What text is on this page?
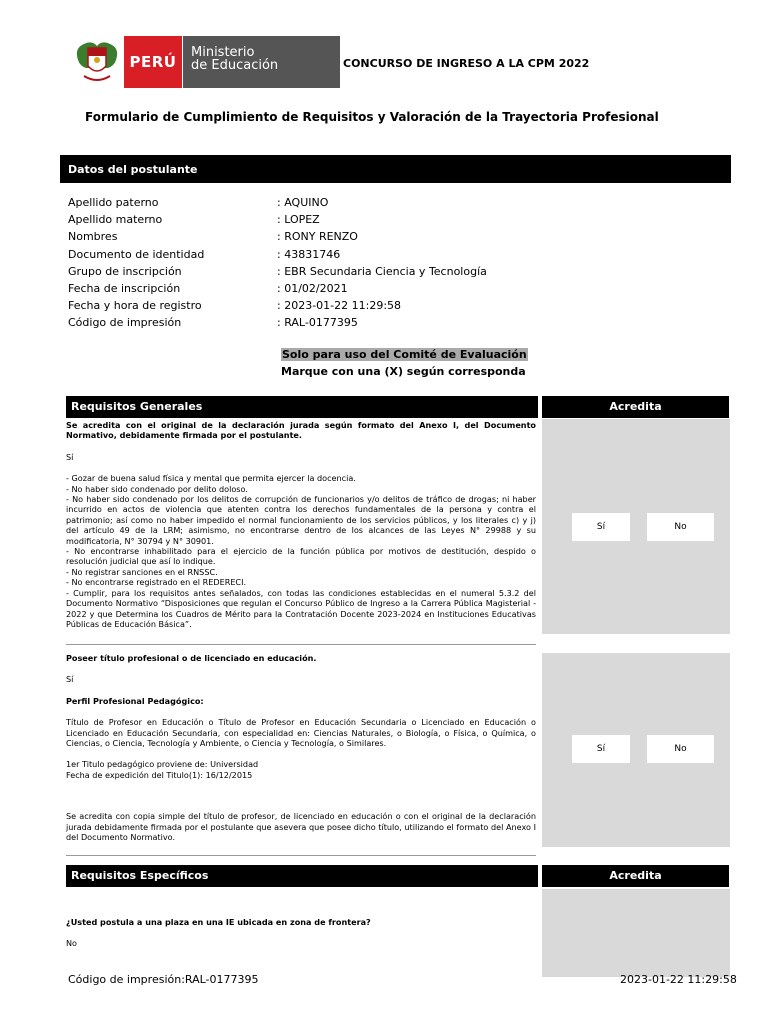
PERÚ
Ministerio
de Educación	CONCURSO DE INGRESO A LA CPM 2022
Formulario de Cumplimiento de Requisitos y Valoración de la Trayectoria Profesional
Datos del postulante
Apellido paterno	: AQUINO
Apellido materno	: LOPEZ
Nombres	: RONY RENZO
Documento de identidad	: 43831746
Grupo de inscripción	: EBR Secundaria Ciencia y Tecnología
Fecha de inscripción	: 01/02/2021
Fecha y hora de registro	: 2023-01-22 11:29:58
Código de impresión	: RAL-0177395
Solo para uso del Comité de Evaluación
Marque con una (X) según corresponda
Requisitos Generales	Acredita
Sí	No
Se acredita con el original de la declaración jurada según formato del Anexo I, del Documento Normativo, debidamente firmada por el postulante.
Sí
- Gozar de buena salud física y mental que permita ejercer la docencia.
- No haber sido condenado por delito doloso.
- No haber sido condenado por los delitos de corrupción de funcionarios y/o delitos de tráfico de drogas; ni haber incurrido en actos de violencia que atenten contra los derechos fundamentales de la persona y contra el patrimonio; así como no haber impedido el normal funcionamiento de los servicios públicos, y los literales c) y j) del artículo 49 de la LRM; asimismo, no encontrarse dentro de los alcances de las Leyes N° 29988 y su modificatoria, N° 30794 y N° 30901.
- No encontrarse inhabilitado para el ejercicio de la función pública por motivos de destitución, despido o resolución judicial que así lo indique.
- No registrar sanciones en el RNSSC.
- No encontrarse registrado en el REDERECI.
- Cumplir, para los requisitos antes señalados, con todas las condiciones establecidas en el numeral 5.3.2 del Documento Normativo “Disposiciones que regulan el Concurso Público de Ingreso a la Carrera Pública Magisterial - 2022 y que Determina los Cuadros de Mérito para la Contratación Docente 2023-2024 en Instituciones Educativas Públicas de Educación Básica”.
Sí	No
Poseer título profesional o de licenciado en educación.
Sí
Perfil Profesional Pedagógico:
Título de Profesor en Educación o Título de Profesor en Educación Secundaria o Licenciado en Educación o Licenciado en Educación Secundaria, con especialidad en: Ciencias Naturales, o Biología, o Física, o Química, o Ciencias, o Ciencia, Tecnología y Ambiente, o Ciencia y Tecnología, o Similares.
1er Titulo pedagógico proviene de: Universidad
Fecha de expedición del Titulo(1): 16/12/2015
Se acredita con copia simple del título de profesor, de licenciado en educación o con el original de la declaración jurada debidamente firmada por el postulante que asevera que posee dicho título, utilizando el formato del Anexo I del Documento Normativo.
Requisitos Específicos	Acredita
¿Usted postula a una plaza en una IE ubicada en zona de frontera?
No
Código de impresión:RAL-0177395	2023-01-22 11:29:58
